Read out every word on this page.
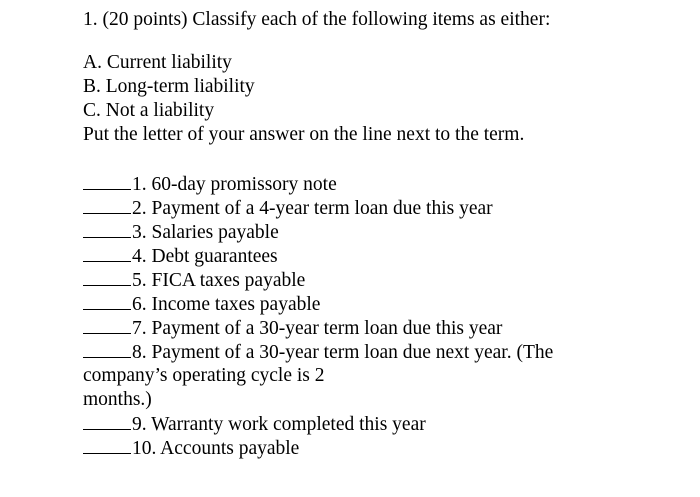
1. (20 points) Classify each of the following items as either:
A. Current liability
B. Long-term liability
C. Not a liability
Put the letter of your answer on the line next to the term.
1. 60-day promissory note
2. Payment of a 4-year term loan due this year
3. Salaries payable
4. Debt guarantees
5. FICA taxes payable
6. Income taxes payable
7. Payment of a 30-year term loan due this year
8. Payment of a 30-year term loan due next year. (The
company’s operating cycle is 2
months.)
9. Warranty work completed this year
10. Accounts payable
